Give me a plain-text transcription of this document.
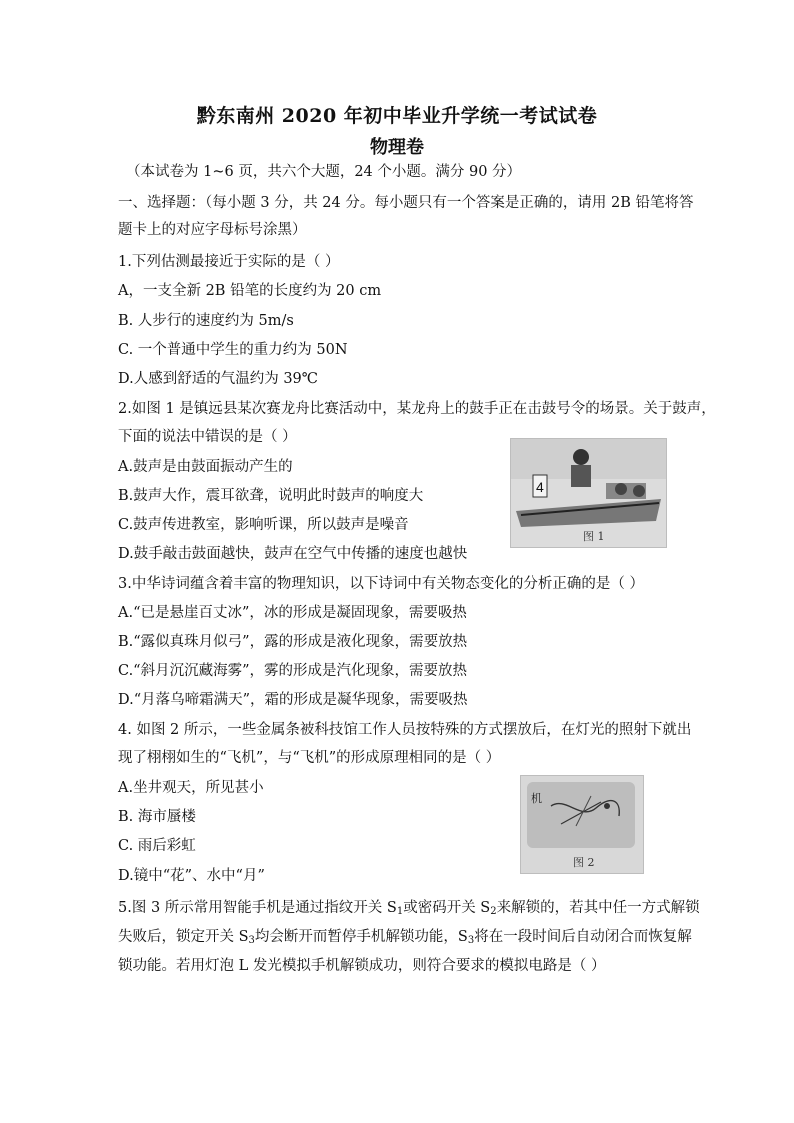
黔东南州 2020 年初中毕业升学统一考试试卷
物理卷
（本试卷为 1~6 页，共六个大题，24 个小题。满分 90 分）
一、选择题：（每小题 3 分，共 24 分。每小题只有一个答案是正确的，请用 2B 铅笔将答
题卡上的对应字母标号涂黑）
1.下列估测最接近于实际的是（ ）
A，一支全新 2B 铅笔的长度约为 20 cm
B. 人步行的速度约为 5m/s
C. 一个普通中学生的重力约为 50N
D.人感到舒适的气温约为 39℃
2.如图 1 是镇远县某次赛龙舟比赛活动中，某龙舟上的鼓手正在击鼓号令的场景。关于鼓声，
下面的说法中错误的是（ ）
A.鼓声是由鼓面振动产生的
B.鼓声大作，震耳欲聋，说明此时鼓声的响度大
C.鼓声传进教室，影响听课，所以鼓声是噪音
D.鼓手敲击鼓面越快，鼓声在空气中传播的速度也越快
4
图 1
3.中华诗词蕴含着丰富的物理知识，以下诗词中有关物态变化的分析正确的是（ ）
A.“已是悬崖百丈冰”，冰的形成是凝固现象，需要吸热
B.“露似真珠月似弓”，露的形成是液化现象，需要放热
C.“斜月沉沉藏海雾”，雾的形成是汽化现象，需要放热
D.“月落乌啼霜满天”，霜的形成是凝华现象，需要吸热
4. 如图 2 所示，一些金属条被科技馆工作人员按特殊的方式摆放后，在灯光的照射下就出
现了栩栩如生的“飞机”，与“飞机”的形成原理相同的是（ ）
A.坐井观天，所见甚小
B. 海市蜃楼
C. 雨后彩虹
D.镜中“花”、水中“月”
机
图 2
5.图 3 所示常用智能手机是通过指纹开关 $S_1$或密码开关 $S_2$来解锁的，若其中任一方式解锁
失败后，锁定开关 $S_3$均会断开而暂停手机解锁功能，$S_3$将在一段时间后自动闭合而恢复解
锁功能。若用灯泡 L 发光模拟手机解锁成功，则符合要求的模拟电路是（ ）
